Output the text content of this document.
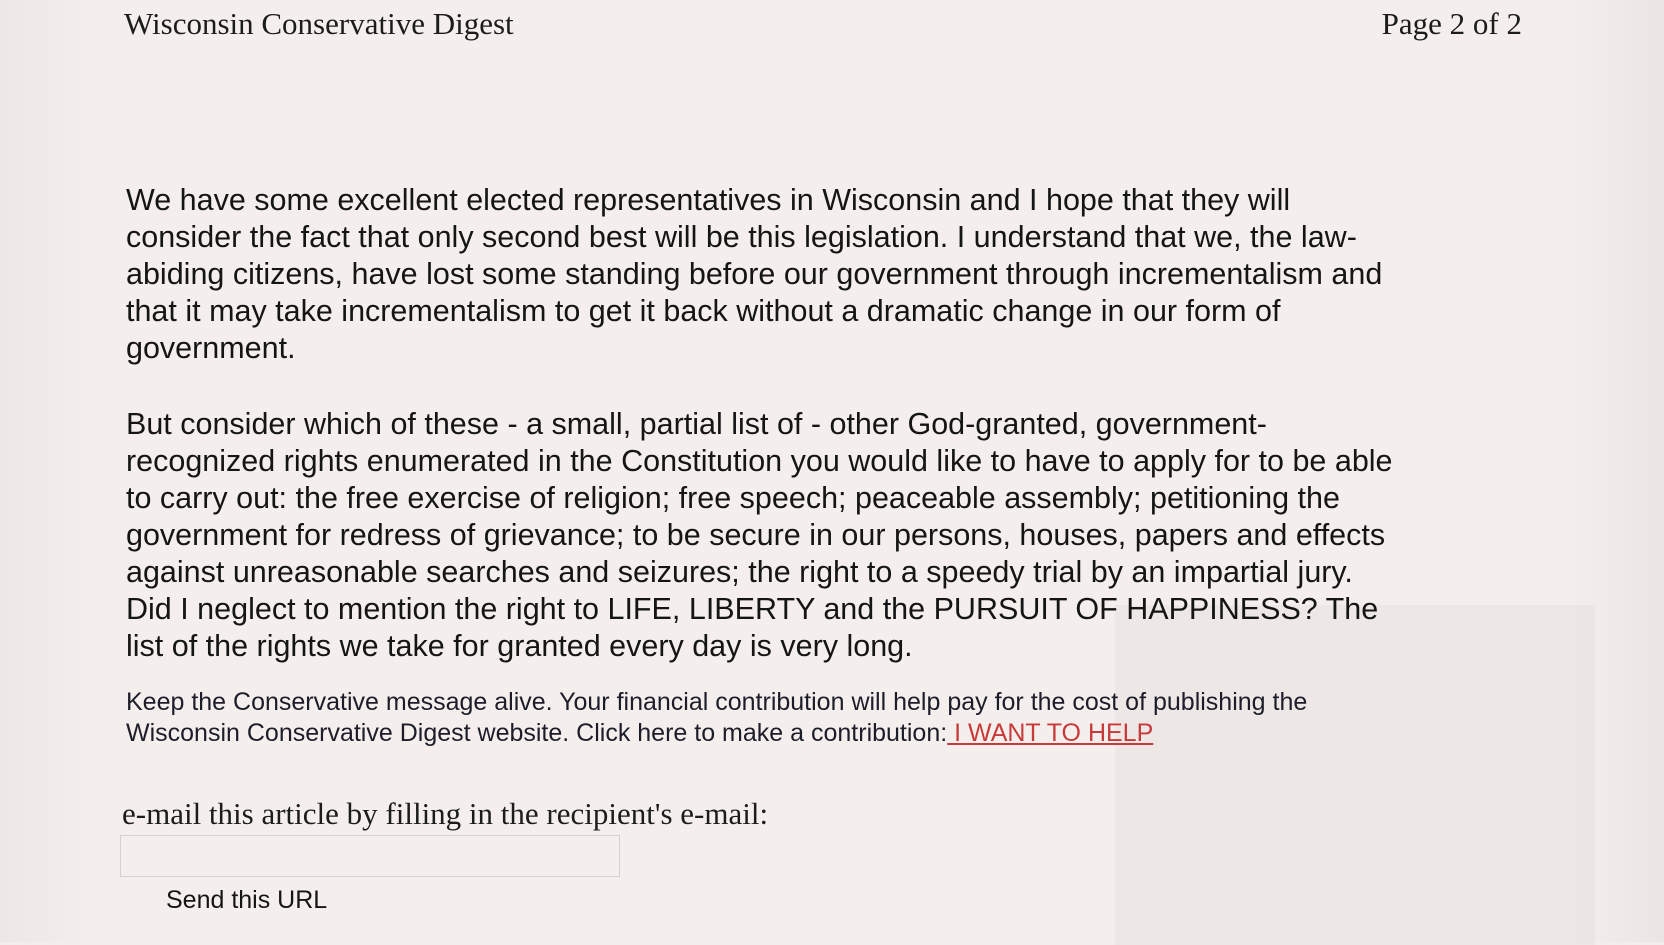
Wisconsin Conservative Digest	Page 2 of 2
We have some excellent elected representatives in Wisconsin and I hope that they will
consider the fact that only second best will be this legislation. I understand that we, the law-
abiding citizens, have lost some standing before our government through incrementalism and
that it may take incrementalism to get it back without a dramatic change in our form of
government.
But consider which of these - a small, partial list of - other God-granted, government-
recognized rights enumerated in the Constitution you would like to have to apply for to be able
to carry out: the free exercise of religion; free speech; peaceable assembly; petitioning the
government for redress of grievance; to be secure in our persons, houses, papers and effects
against unreasonable searches and seizures; the right to a speedy trial by an impartial jury.
Did I neglect to mention the right to LIFE, LIBERTY and the PURSUIT OF HAPPINESS? The
list of the rights we take for granted every day is very long.
Keep the Conservative message alive. Your financial contribution will help pay for the cost of publishing the
Wisconsin Conservative Digest website. Click here to make a contribution: I WANT TO HELP
e-mail this article by filling in the recipient's e-mail:
Send this URL
